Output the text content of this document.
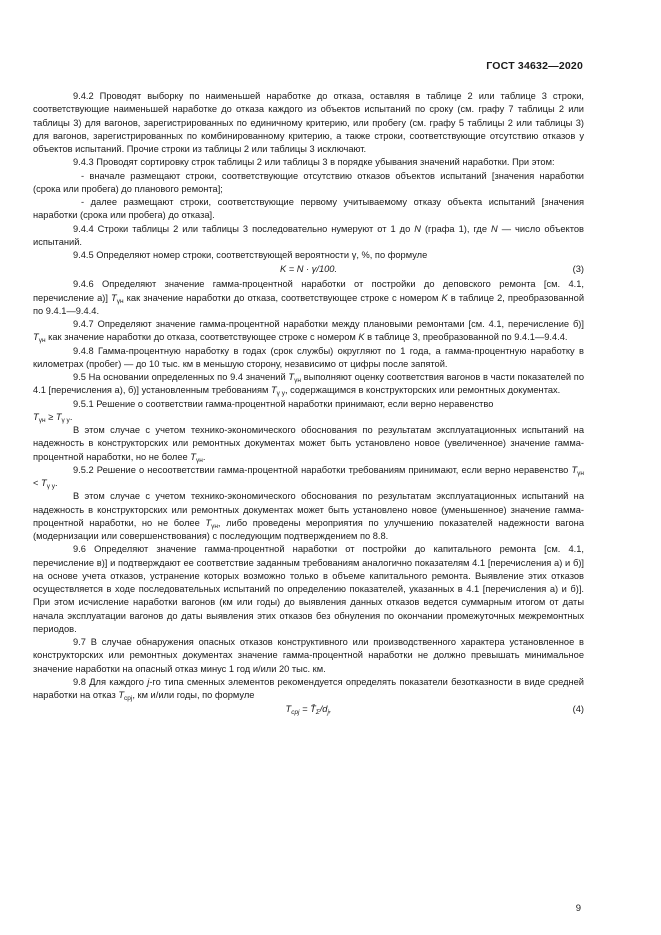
ГОСТ 34632—2020

9.4.2 Проводят выборку по наименьшей наработке до отказа, оставляя в таблице 2 или таблице 3 строки, соответствующие наименьшей наработке до отказа каждого из объектов испытаний по сроку (см. графу 7 таблицы 2 или таблицы 3) для вагонов, зарегистрированных по единичному критерию, или пробегу (см. графу 5 таблицы 2 или таблицы 3) для вагонов, зарегистрированных по комбинированному критерию, а также строки, соответствующие отсутствию отказов у объектов испытаний. Прочие строки из таблицы 2 или таблицы 3 исключают.

9.4.3 Проводят сортировку строк таблицы 2 или таблицы 3 в порядке убывания значений наработки. При этом:

- вначале размещают строки, соответствующие отсутствию отказов объектов испытаний [значения наработки (срока или пробега) до планового ремонта];

- далее размещают строки, соответствующие первому учитываемому отказу объекта испытаний [значения наработки (срока или пробега) до отказа].

9.4.4 Строки таблицы 2 или таблицы 3 последовательно нумеруют от 1 до N (графа 1), где N — число объектов испытаний.

9.4.5 Определяют номер строки, соответствующей вероятности γ, %, по формуле

K = N · γ/100.	(3)

9.4.6 Определяют значение гамма-процентной наработки от постройки до деповского ремонта [см. 4.1, перечисление а)] $T_{\gamma н}$ как значение наработки до отказа, соответствующее строке с номером K в таблице 2, преобразованной по 9.4.1—9.4.4.

9.4.7 Определяют значение гамма-процентной наработки между плановыми ремонтами [см. 4.1, перечисление б)] $T_{\gamma н}$ как значение наработки до отказа, соответствующее строке с номером K в таблице 3, преобразованной по 9.4.1—9.4.4.

9.4.8 Гамма-процентную наработку в годах (срок службы) округляют по 1 года, а гамма-процентную наработку в километрах (пробег) — до 10 тыс. км в меньшую сторону, независимо от цифры после запятой.

9.5 На основании определенных по 9.4 значений $T_{\gamma н}$ выполняют оценку соответствия вагонов в части показателей по 4.1 [перечисления а), б)] установленным требованиям $T_{\gamma у}$, содержащимся в конструкторских или ремонтных документах.

9.5.1 Решение о соответствии гамма-процентной наработки принимают, если верно неравенство
$T_{\gamma н} \ge T_{\gamma у}$.

В этом случае с учетом технико-экономического обоснования по результатам эксплуатационных испытаний на надежность в конструкторских или ремонтных документах может быть установлено новое (увеличенное) значение гамма-процентной наработки, но не более $T_{\gamma н}$.

9.5.2 Решение о несоответствии гамма-процентной наработки требованиям принимают, если верно неравенство $T_{\gamma н} < T_{\gamma у}$.

В этом случае с учетом технико-экономического обоснования по результатам эксплуатационных испытаний на надежность в конструкторских или ремонтных документах может быть установлено новое (уменьшенное) значение гамма-процентной наработки, но не более $T_{\gamma н}$, либо проведены мероприятия по улучшению показателей надежности вагона (модернизации или совершенствования) с последующим подтверждением по 8.8.

9.6 Определяют значение гамма-процентной наработки от постройки до капитального ремонта [см. 4.1, перечисление в)] и подтверждают ее соответствие заданным требованиям аналогично показателям 4.1 [перечисления а) и б)] на основе учета отказов, устранение которых возможно только в объеме капитального ремонта. Выявление этих отказов осуществляется в ходе последовательных испытаний по определению показателей, указанных в 4.1 [перечисления а) и б)]. При этом исчисление наработки вагонов (км или годы) до выявления данных отказов ведется суммарным итогом от даты начала эксплуатации вагонов до даты выявления этих отказов без обнуления по окончании промежуточных межремонтных периодов.

9.7 В случае обнаружения опасных отказов конструктивного или производственного характера установленное в конструкторских или ремонтных документах значение гамма-процентной наработки не должно превышать минимальное значение наработки на опасный отказ минус 1 год и/или 20 тыс. км.

9.8 Для каждого j-го типа сменных элементов рекомендуется определять показатели безотказности в виде средней наработки на отказ $T_{cрj}$, км и/или годы, по формуле

$T_{cрj}$ = $T̄_\Sigma/d_j$,	(4)
9
